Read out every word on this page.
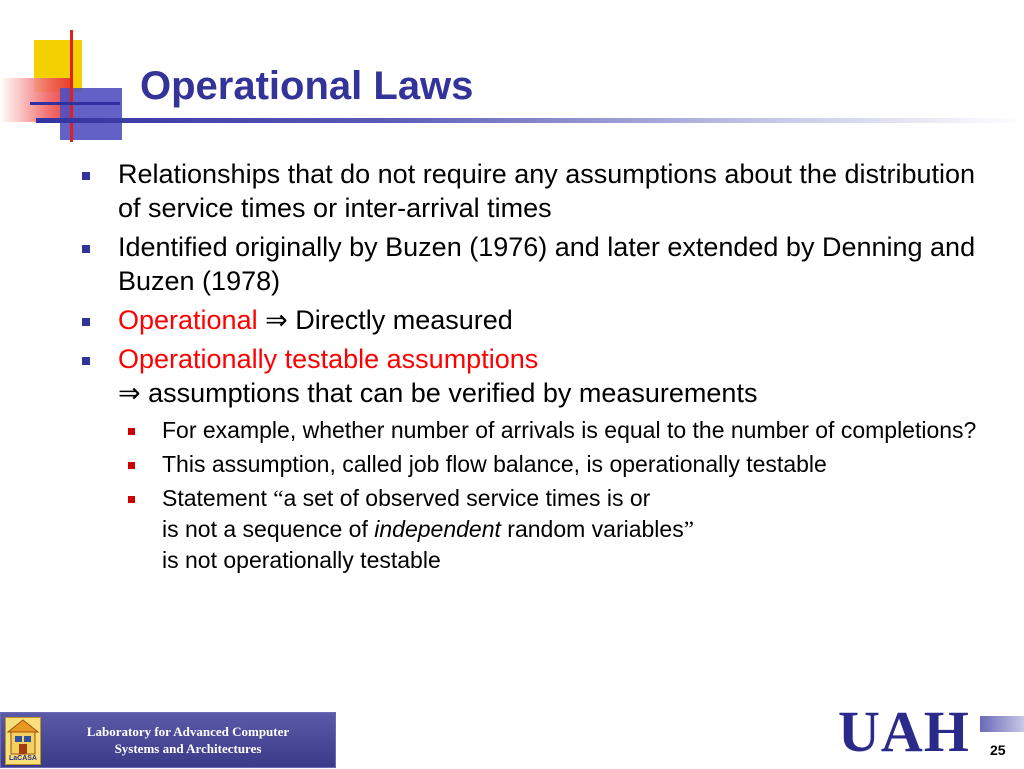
Operational Laws
Relationships that do not require any assumptions about the distribution of service times or inter-arrival times
Identified originally by Buzen (1976) and later extended by Denning and Buzen (1978)
Operational ⇒ Directly measured
Operationally testable assumptions
⇒ assumptions that can be verified by measurements
For example, whether number of arrivals is equal to the number of completions?
This assumption, called job flow balance, is operationally testable
Statement “a set of observed service times is or
is not a sequence of independent random variables”
is not operationally testable
LaCASA
Laboratory for Advanced Computer
Systems and Architectures	UAH 25
